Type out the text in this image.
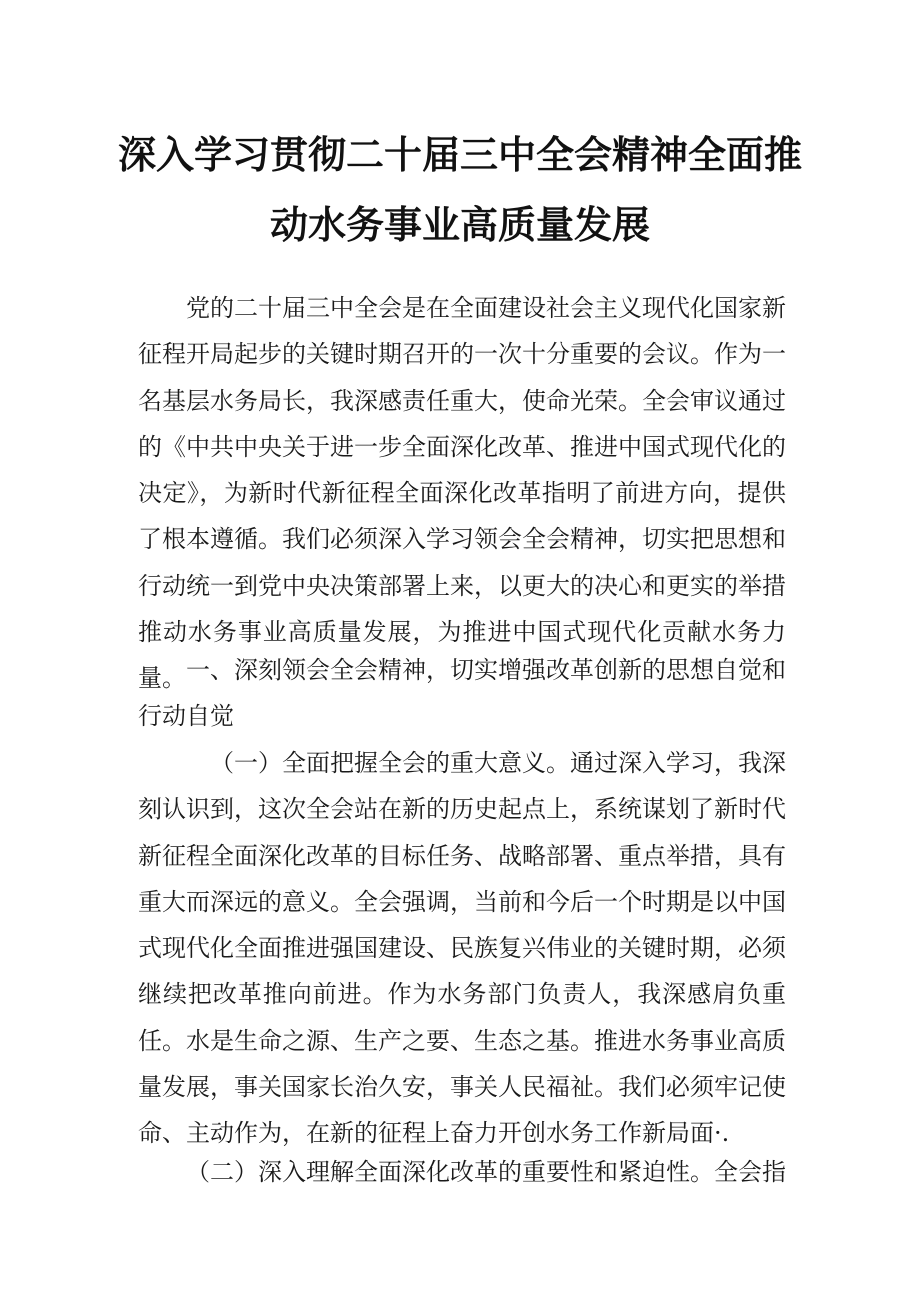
深入学习贯彻二十届三中全会精神全面推
动水务事业高质量发展

党的二十届三中全会是在全面建设社会主义现代化国家新征程开局起步的关键时期召开的一次十分重要的会议。作为一名基层水务局长，我深感责任重大，使命光荣。全会审议通过的《中共中央关于进一步全面深化改革、推进中国式现代化的决定》，为新时代新征程全面深化改革指明了前进方向，提供了根本遵循。我们必须深入学习领会全会精神，切实把思想和行动统一到党中央决策部署上来，以更大的决心和更实的举措推动水务事业高质量发展，为推进中国式现代化贡献水务力量。 一、深刻领会全会精神，切实增强改革创新的思想自觉和行动自觉

（一）全面把握全会的重大意义。通过深入学习，我深刻认识到，这次全会站在新的历史起点上，系统谋划了新时代新征程全面深化改革的目标任务、战略部署、重点举措，具有重大而深远的意义。全会强调，当前和今后一个时期是以中国式现代化全面推进强国建设、民族复兴伟业的关键时期，必须继续把改革推向前进。作为水务部门负责人，我深感肩负重任。水是生命之源、生产之要、生态之基。推进水务事业高质量发展，事关国家长治久安，事关人民福祉。我们必须牢记使命、主动作为，在新的征程上奋力开创水务工作新局面·.

（二）深入理解全面深化改革的重要性和紧迫性。全会指
